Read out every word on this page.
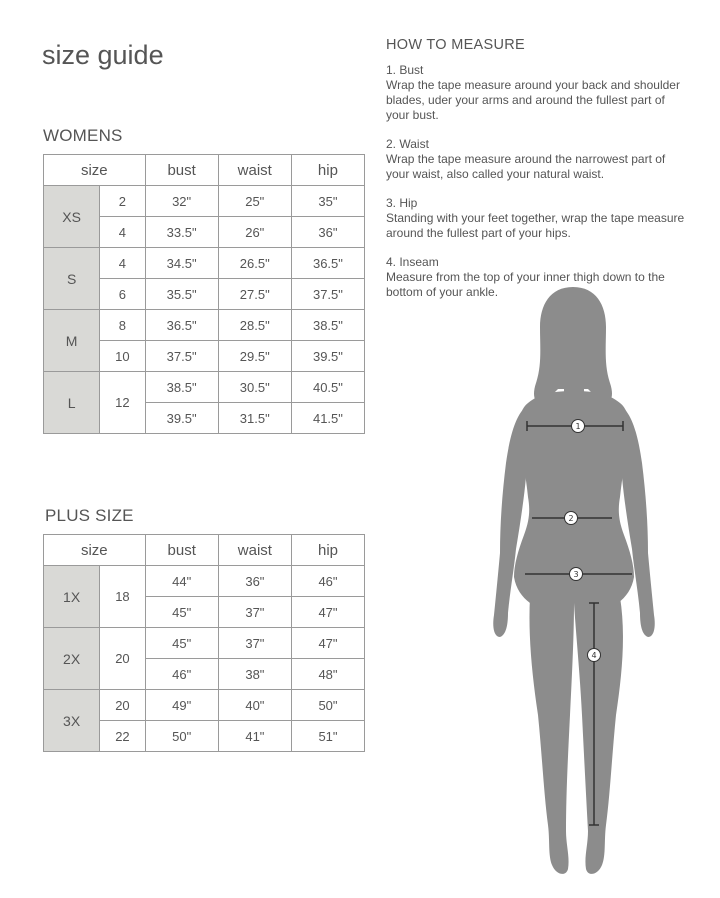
size guide
WOMENS
size		bust	waist	hip
XS	2	32"	25"	35"
	4	33.5"	26"	36"
S	4	34.5"	26.5"	36.5"
	6	35.5"	27.5"	37.5"
M	8	36.5"	28.5"	38.5"
	10	37.5"	29.5"	39.5"
L	12	38.5"	30.5"	40.5"
		39.5"	31.5"	41.5"
PLUS SIZE
size		bust	waist	hip
1X	18	44"	36"	46"
		45"	37"	47"
2X	20	45"	37"	47"
		46"	38"	48"
3X	20	49"	40"	50"
	22	50"	41"	51"
HOW TO MEASURE
1. Bust
Wrap the tape measure around your back and shoulder blades, uder your arms and around the fullest part of your bust.
2. Waist
Wrap the tape measure around the narrowest part of your waist, also called your natural waist.
3. Hip
Standing with your feet together, wrap the tape measure around the fullest part of your hips.
4. Inseam
Measure from the top of your inner thigh down to the bottom of your ankle.
1
2
3
4
